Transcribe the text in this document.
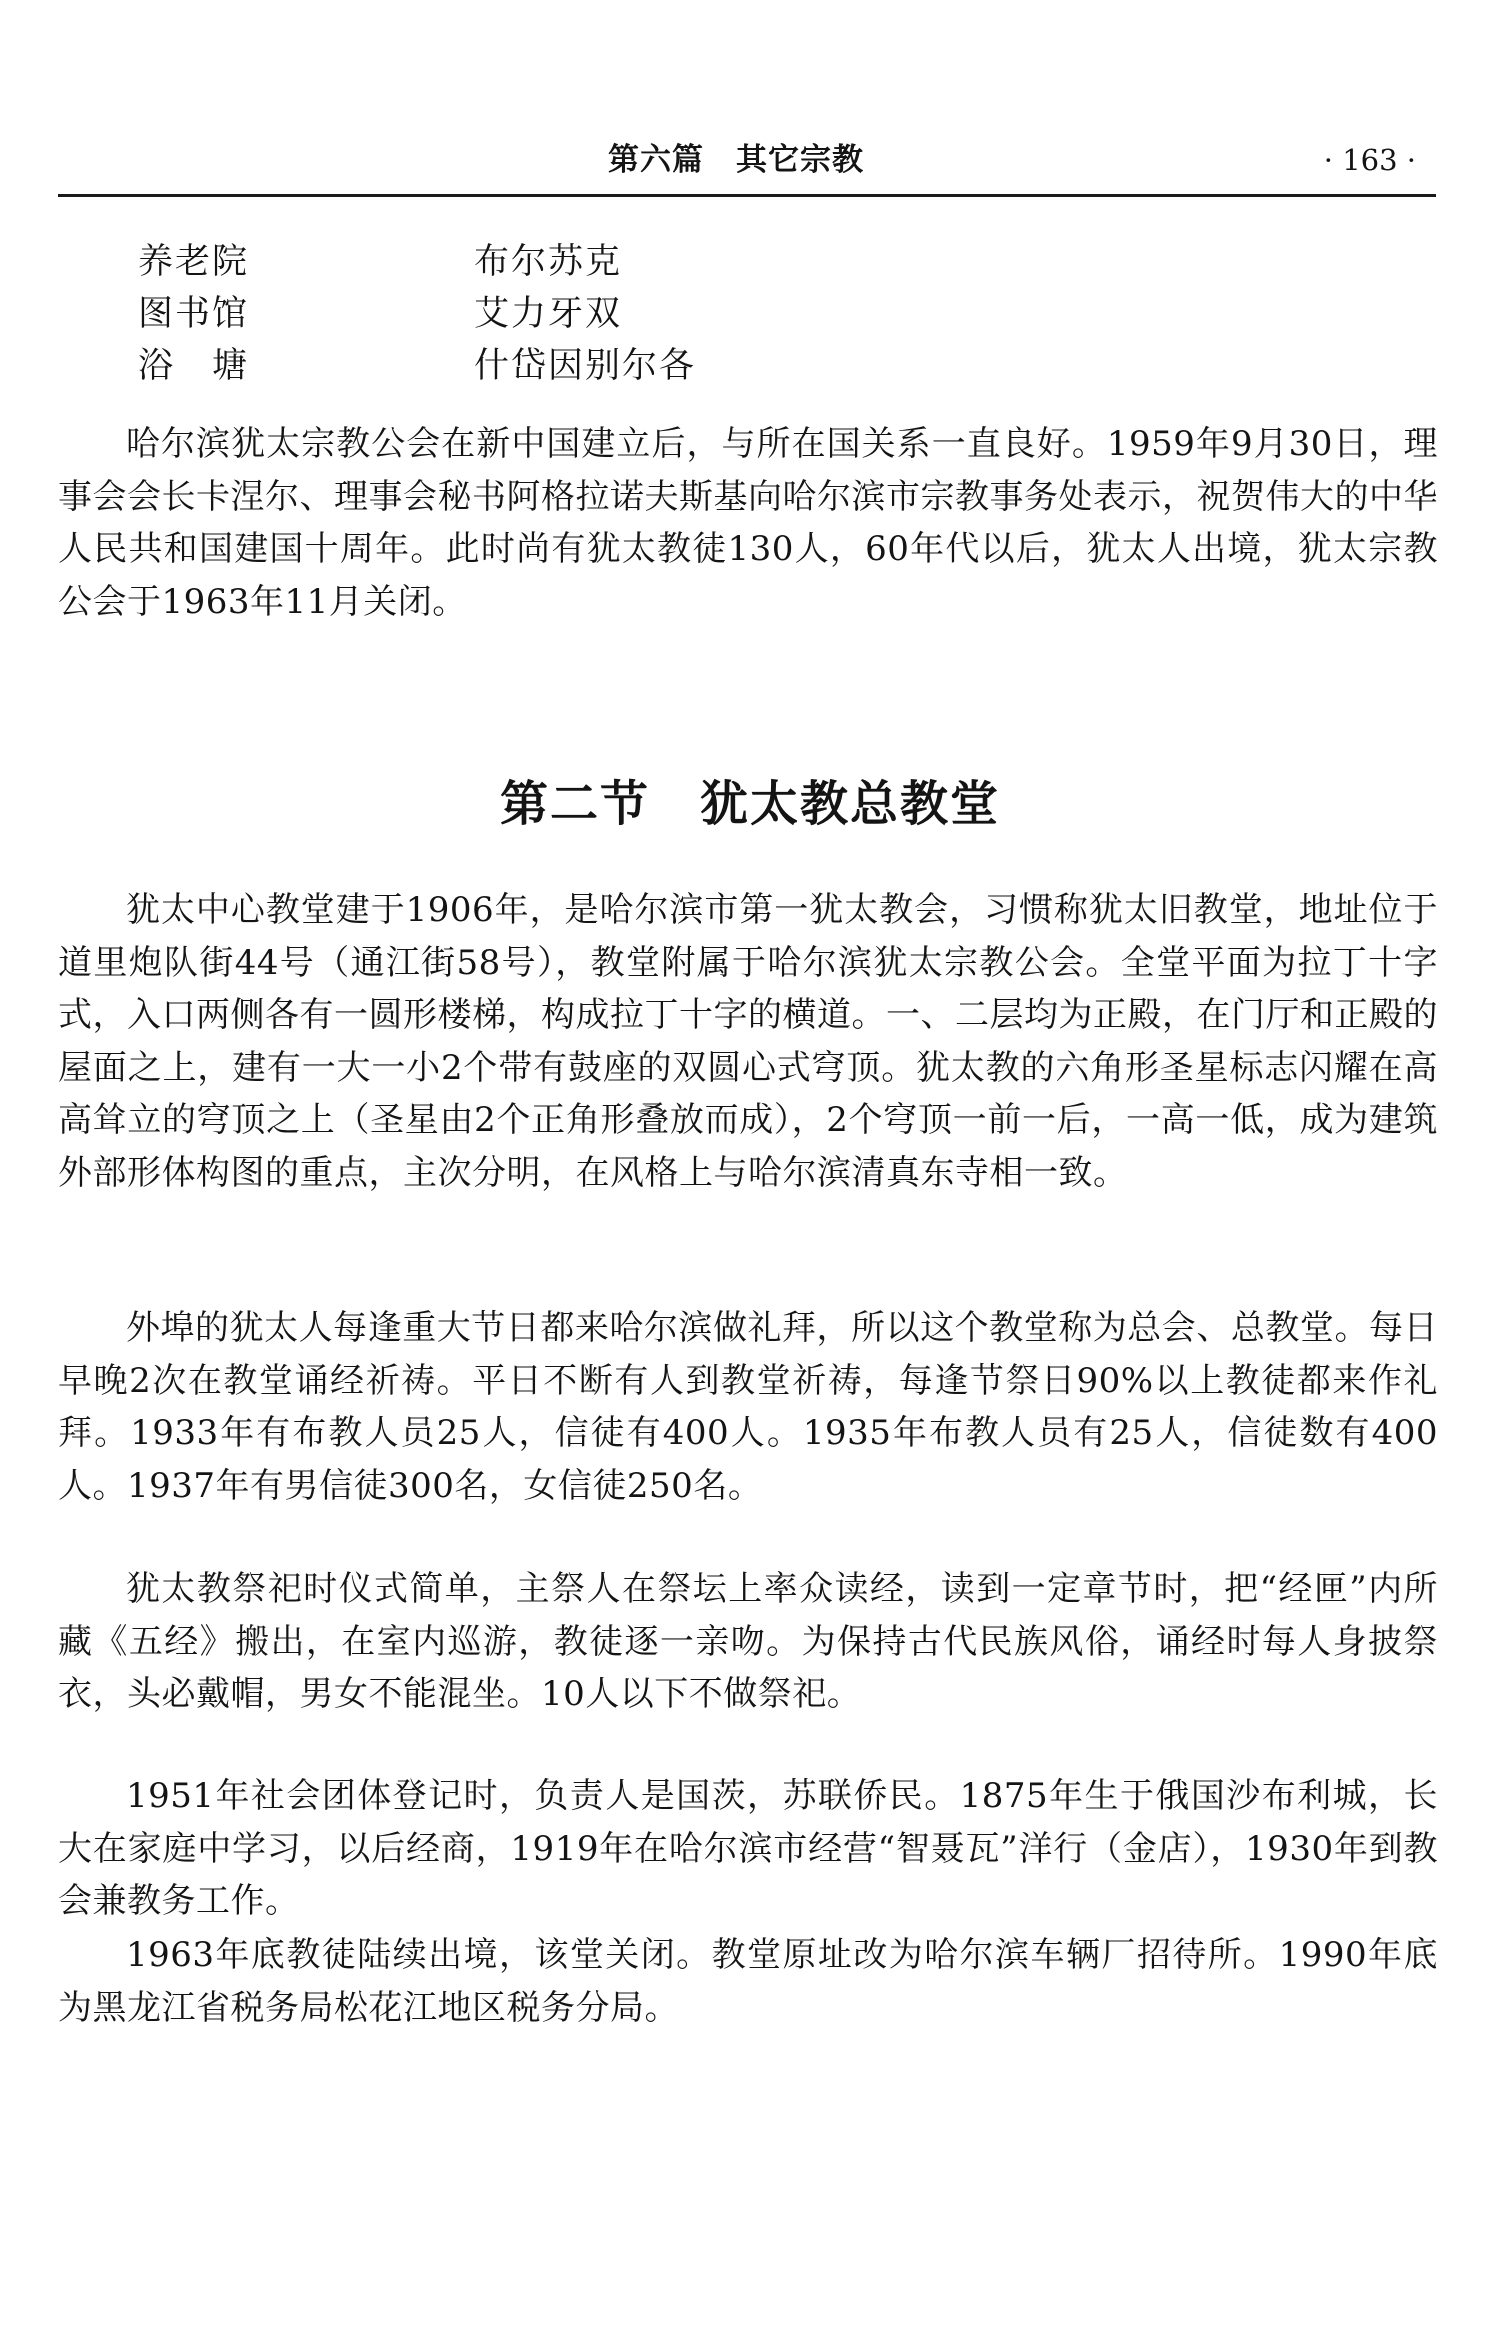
第六篇　其它宗教	· 163 ·
养老院	布尔苏克
图书馆	艾力牙双
浴　塘	什岱因别尔各

哈尔滨犹太宗教公会在新中国建立后，与所在国关系一直良好。1959年9月30日，理事会会长卡涅尔、理事会秘书阿格拉诺夫斯基向哈尔滨市宗教事务处表示，祝贺伟大的中华人民共和国建国十周年。此时尚有犹太教徒130人，60年代以后，犹太人出境，犹太宗教公会于1963年11月关闭。

第二节　犹太教总教堂

犹太中心教堂建于1906年，是哈尔滨市第一犹太教会，习惯称犹太旧教堂，地址位于道里炮队街44号（通江街58号），教堂附属于哈尔滨犹太宗教公会。全堂平面为拉丁十字式，入口两侧各有一圆形楼梯，构成拉丁十字的横道。一、二层均为正殿，在门厅和正殿的屋面之上，建有一大一小2个带有鼓座的双圆心式穹顶。犹太教的六角形圣星标志闪耀在高高耸立的穹顶之上（圣星由2个正角形叠放而成），2个穹顶一前一后，一高一低，成为建筑外部形体构图的重点，主次分明，在风格上与哈尔滨清真东寺相一致。

外埠的犹太人每逢重大节日都来哈尔滨做礼拜，所以这个教堂称为总会、总教堂。每日早晚2次在教堂诵经祈祷。平日不断有人到教堂祈祷，每逢节祭日90%以上教徒都来作礼拜。1933年有布教人员25人，信徒有400人。1935年布教人员有25人，信徒数有400人。1937年有男信徒300名，女信徒250名。

犹太教祭祀时仪式简单，主祭人在祭坛上率众读经，读到一定章节时，把“经匣”内所藏《五经》搬出，在室内巡游，教徒逐一亲吻。为保持古代民族风俗，诵经时每人身披祭衣，头必戴帽，男女不能混坐。10人以下不做祭祀。

1951年社会团体登记时，负责人是国茨，苏联侨民。1875年生于俄国沙布利城，长大在家庭中学习，以后经商，1919年在哈尔滨市经营“智聂瓦”洋行（金店），1930年到教会兼教务工作。

1963年底教徒陆续出境，该堂关闭。教堂原址改为哈尔滨车辆厂招待所。1990年底为黑龙江省税务局松花江地区税务分局。
